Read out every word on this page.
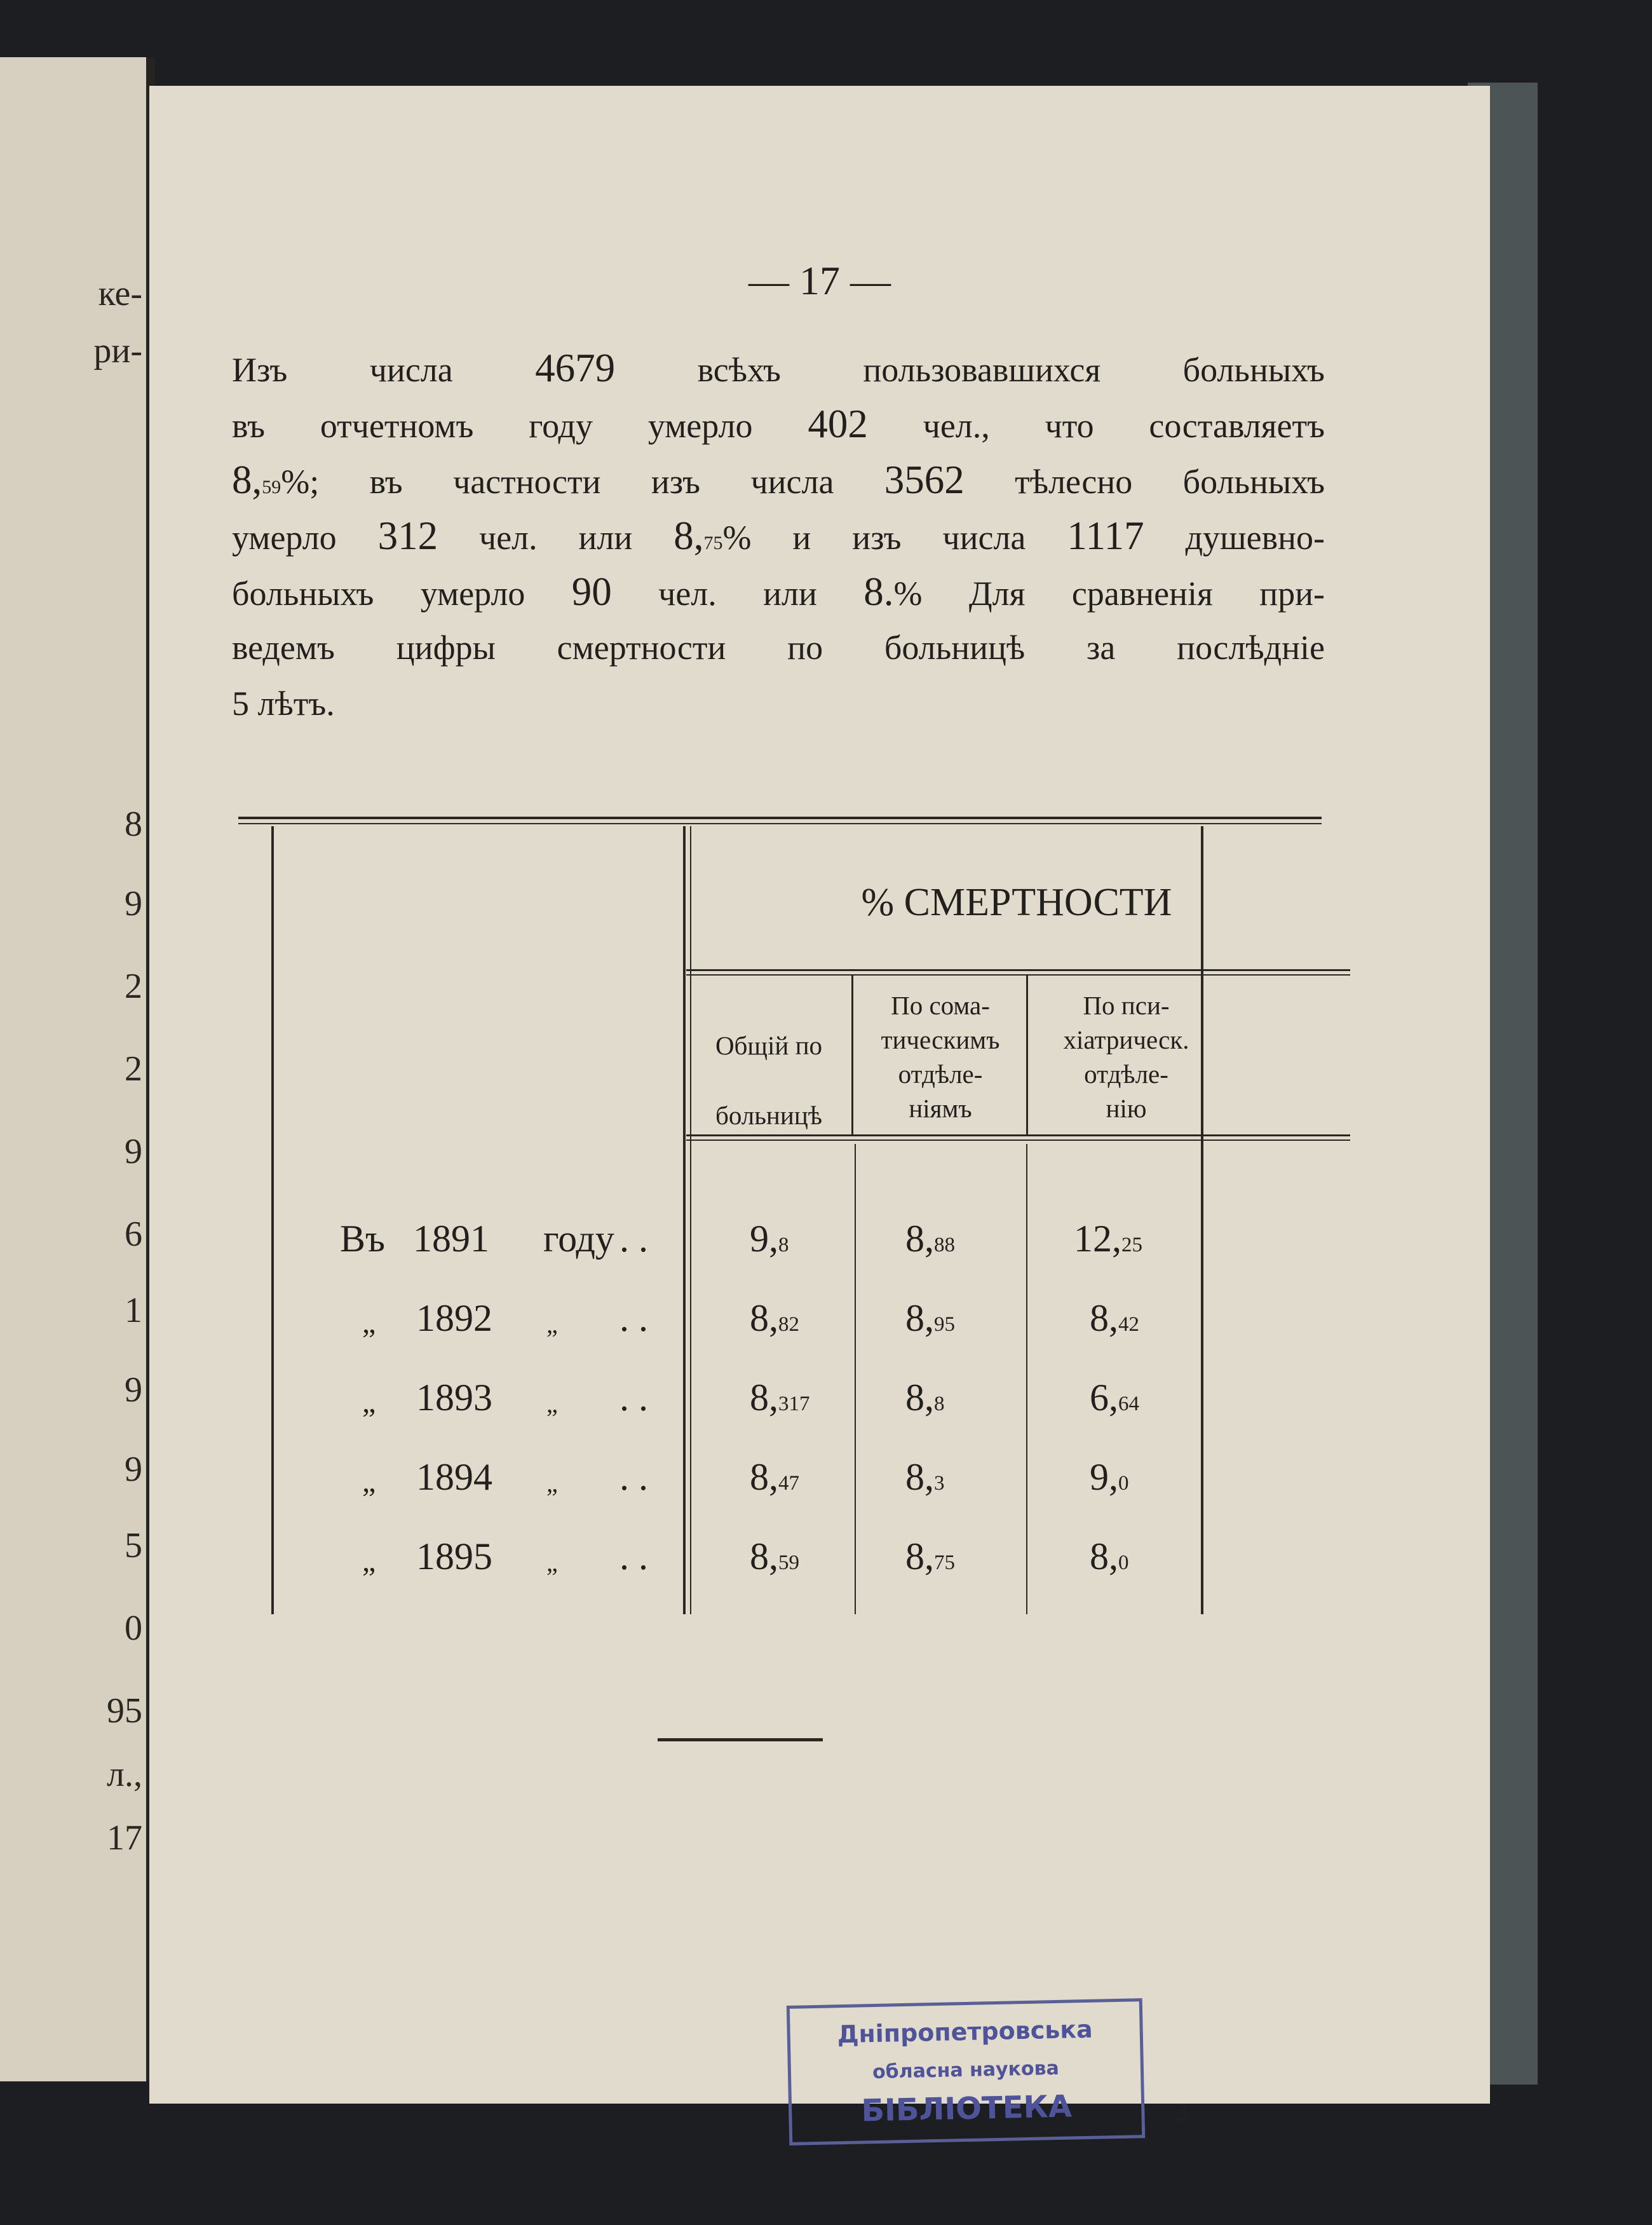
ке-
ри-
8
9
2
2
9
6
1
9
9
5
0
95
л.,
17
— 17 —
Изъ числа 4679 всѣхъ пользовавшихся больныхъ
въ отчетномъ году умерло 402 чел., что составляетъ
8,59%; въ частности изъ числа 3562 тѣлесно больныхъ
умерло 312 чел. или 8,75% и изъ числа 1117 душевно-
больныхъ умерло 90 чел. или 8.% Для сравненія при-
ведемъ цифры смертности по больницѣ за послѣдніе
5 лѣтъ.
% СМЕРТНОСТИ
Общій по
больницѣ
По сома-
тическимъ
отдѣле-
ніямъ
По пси-
хіатрическ.
отдѣле-
нію
Въ 1891 году . .	9,8	8,88	12,25
„ 1892 „ . .	8,82	8,95	8,42
„ 1893 „ . .	8,317	8,8	6,64
„ 1894 „ . .	8,47	8,3	9,0
„ 1895 „ . .	8,59	8,75	8,0
Дніпропетровська
обласна наукова
БІБЛІОТЕКА	2
